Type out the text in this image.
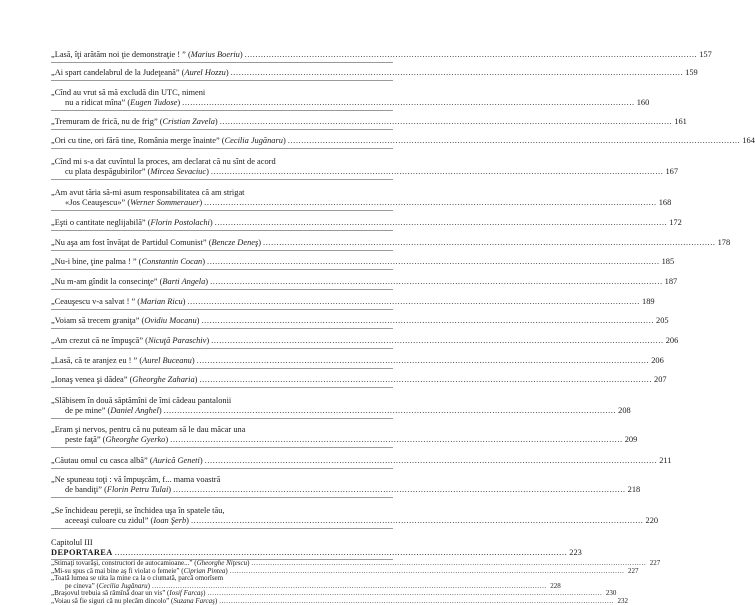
„Lasă, îţi arătăm noi ţie demonstraţie ! ” (Marius Boeriu) .....	157
„Ai spart candelabrul de la Judeţeană” (Aurel Hozzu) .....	159
„Cînd au vrut să mă excludă din UTC, nimeni
nu a ridicat mîna” (Eugen Tudose) .....	160
„Tremuram de frică, nu de frig” (Cristian Zavela) .....	161
„Ori cu tine, ori fără tine, România merge înainte” (Cecilia Jugănaru) .....	164
„Cînd mi s-a dat cuvîntul la proces, am declarat că nu sînt de acord
cu plata despăgubirilor” (Mircea Sevaciuc) .....	167
„Am avut tăria să-mi asum responsabilitatea că am strigat
«Jos Ceauşescu»” (Werner Sommerauer) .....	168
„Eşti o cantitate neglijabilă” (Florin Postolachi) .....	172
„Nu aşa am fost învăţat de Partidul Comunist” (Bencze Deneş) .....	178
„Nu-i bine, ţine palma ! ” (Constantin Cocan) .....	185
„Nu m-am gîndit la consecinţe” (Barti Angela) .....	187
„Ceauşescu v-a salvat ! ” (Marian Ricu) .....	189
„Voiam să trecem graniţa” (Ovidiu Mocanu) .....	205
„Am crezut că ne împuşcă” (Nicuţă Paraschiv) .....	206
„Lasă, că te aranjez eu ! ” (Aurel Buceanu) .....	206
„Ionaş venea şi dădea” (Gheorghe Zaharia) .....	207
„Slăbisem în două săptămîni de îmi cădeau pantalonii
de pe mine” (Daniel Anghel) .....	208
„Eram şi nervos, pentru că nu puteam să le dau măcar una
peste faţă” (Gheorghe Gyerko) .....	209
„Căutau omul cu casca albă” (Aurică Geneti) .....	211
„Ne spuneau toţi : vă împuşcăm, f... mama voastră
de bandiţi” (Florin Petru Tulai) .....	218
„Se închideau pereţii, se închidea uşa în spatele tău,
aceeaşi culoare cu zidul” (Ioan Şerb) .....	220
Capitolul III
DEPORTAREA .....	223
„Stimaţi tovarăşi, constructori de autocamioane...” (Gheorghe Niţescu) .....	227
„Mi-su spus că mai bine aş fi violat o femeie” (Ciprian Pintea) .....	227
„Toată lumea se uita la mine ca la o ciumată, parcă omorîsem
pe cineva” (Cecilia Jugănaru) .....	228
„Braşovul trebuia să rămînă doar un vis” (Iosif Farcaş) .....	230
„Voiau să fie siguri că nu plecăm dincolo” (Suzana Farcaş) .....	232
